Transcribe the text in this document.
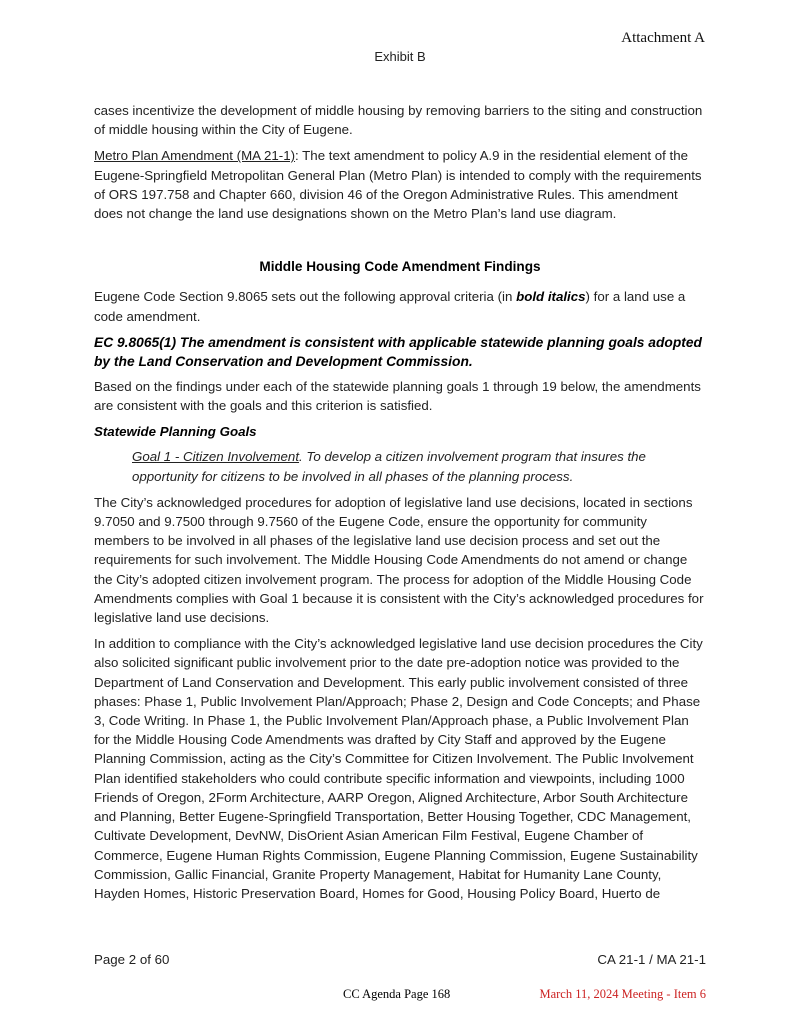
Attachment A
Exhibit B

cases incentivize the development of middle housing by removing barriers to the siting and construction of middle housing within the City of Eugene.

Metro Plan Amendment (MA 21-1): The text amendment to policy A.9 in the residential element of the Eugene-Springfield Metropolitan General Plan (Metro Plan) is intended to comply with the requirements of ORS 197.758 and Chapter 660, division 46 of the Oregon Administrative Rules. This amendment does not change the land use designations shown on the Metro Plan’s land use diagram.

Middle Housing Code Amendment Findings

Eugene Code Section 9.8065 sets out the following approval criteria (in bold italics) for a land use a code amendment.

EC 9.8065(1) The amendment is consistent with applicable statewide planning goals adopted by the Land Conservation and Development Commission.

Based on the findings under each of the statewide planning goals 1 through 19 below, the amendments are consistent with the goals and this criterion is satisfied.

Statewide Planning Goals
Goal 1 - Citizen Involvement. To develop a citizen involvement program that insures the opportunity for citizens to be involved in all phases of the planning process.

The City’s acknowledged procedures for adoption of legislative land use decisions, located in sections 9.7050 and 9.7500 through 9.7560 of the Eugene Code, ensure the opportunity for community members to be involved in all phases of the legislative land use decision process and set out the requirements for such involvement. The Middle Housing Code Amendments do not amend or change the City’s adopted citizen involvement program. The process for adoption of the Middle Housing Code Amendments complies with Goal 1 because it is consistent with the City’s acknowledged procedures for legislative land use decisions.

In addition to compliance with the City’s acknowledged legislative land use decision procedures the City also solicited significant public involvement prior to the date pre-adoption notice was provided to the Department of Land Conservation and Development. This early public involvement consisted of three phases: Phase 1, Public Involvement Plan/Approach; Phase 2, Design and Code Concepts; and Phase 3, Code Writing. In Phase 1, the Public Involvement Plan/Approach phase, a Public Involvement Plan for the Middle Housing Code Amendments was drafted by City Staff and approved by the Eugene Planning Commission, acting as the City’s Committee for Citizen Involvement. The Public Involvement Plan identified stakeholders who could contribute specific information and viewpoints, including 1000 Friends of Oregon, 2Form Architecture, AARP Oregon, Aligned Architecture, Arbor South Architecture and Planning, Better Eugene-Springfield Transportation, Better Housing Together, CDC Management, Cultivate Development, DevNW, DisOrient Asian American Film Festival, Eugene Chamber of Commerce, Eugene Human Rights Commission, Eugene Planning Commission, Eugene Sustainability Commission, Gallic Financial, Granite Property Management, Habitat for Humanity Lane County, Hayden Homes, Historic Preservation Board, Homes for Good, Housing Policy Board, Huerto de

Page 2 of 60	CA 21-1 / MA 21-1
CC Agenda Page 168	March 11, 2024 Meeting - Item 6
